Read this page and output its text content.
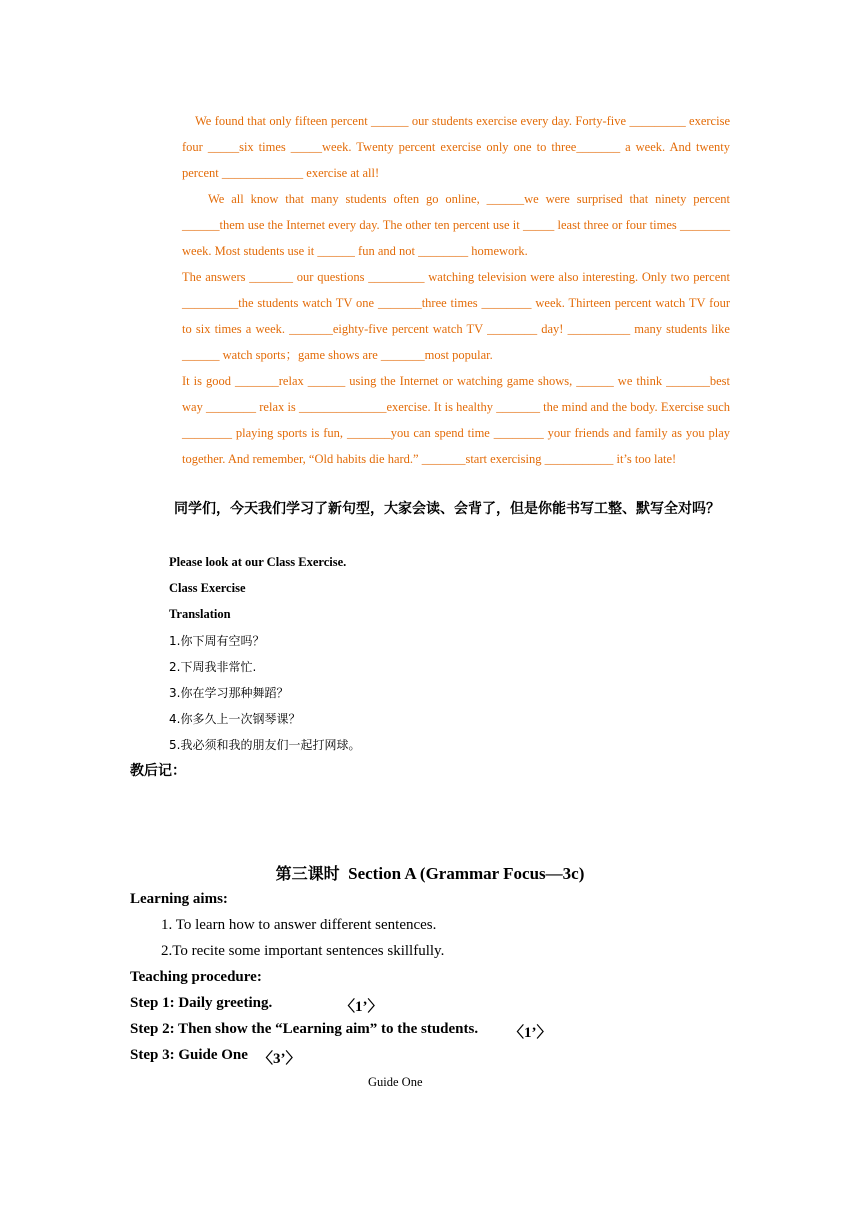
We found that only fifteen percent ______ our students exercise every day. Forty-five _________ exercise four _____six times _____week. Twenty percent exercise only one to three_______ a week. And twenty percent _____________ exercise at all!

We all know that many students often go online, ______we were surprised that ninety percent ______them use the Internet every day. The other ten percent use it _____ least three or four times ________ week. Most students use it ______ fun and not ________ homework.

The answers _______ our questions _________ watching television were also interesting. Only two percent _________the students watch TV one _______three times ________ week. Thirteen percent watch TV four to six times a week. _______eighty-five percent watch TV ________ day! __________ many students like ______ watch sports；game shows are _______most popular.

It is good _______relax ______ using the Internet or watching game shows, ______ we think _______best way ________ relax is ______________exercise. It is healthy _______ the mind and the body. Exercise such ________ playing sports is fun, _______you can spend time ________ your friends and family as you play together. And remember, “Old habits die hard.” _______start exercising ___________ it’s too late!

同学们，今天我们学习了新句型，大家会读、会背了，但是你能书写工整、默写全对吗？

Please look at our Class Exercise.
Class Exercise
Translation
1.你下周有空吗？
2.下周我非常忙.
3.你在学习那种舞蹈？
4.你多久上一次钢琴课？
5.我必须和我的朋友们一起打网球。
教后记：
第三课时 Section A (Grammar Focus—3c)
Learning aims:
1. To learn how to answer different sentences.
2.To recite some important sentences skillfully.
Teaching procedure:
Step 1: Daily greeting.	〈1’〉
Step 2: Then show the “Learning aim” to the students. 〈1’〉
Step 3: Guide One 〈3’〉
Guide One
